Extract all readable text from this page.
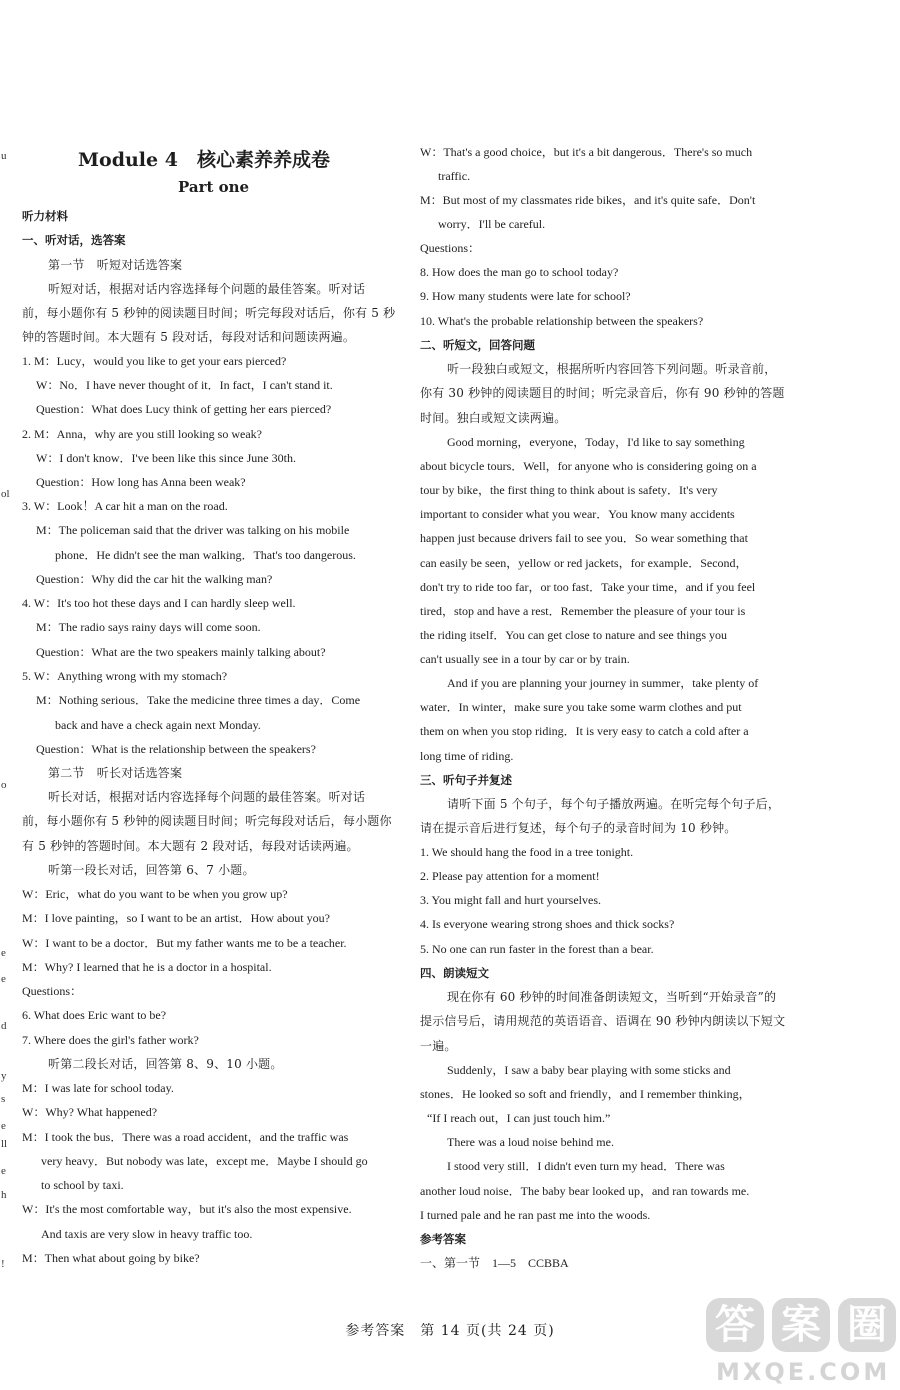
Module 4　核心素养养成卷
Part one
听力材料
一、听对话，选答案
第一节　听短对话选答案
听短对话，根据对话内容选择每个问题的最佳答案。听对话
前，每小题你有 5 秒钟的阅读题目时间；听完每段对话后，你有 5 秒
钟的答题时间。本大题有 5 段对话，每段对话和问题读两遍。
1. M：Lucy，would you like to get your ears pierced?
W：No．I have never thought of it．In fact，I can't stand it.
Question：What does Lucy think of getting her ears pierced?
2. M：Anna，why are you still looking so weak?
W：I don't know．I've been like this since June 30th.
Question：How long has Anna been weak?
3. W：Look！A car hit a man on the road.
M：The policeman said that the driver was talking on his mobile
phone．He didn't see the man walking．That's too dangerous.
Question：Why did the car hit the walking man?
4. W：It's too hot these days and I can hardly sleep well.
M：The radio says rainy days will come soon.
Question：What are the two speakers mainly talking about?
5. W：Anything wrong with my stomach?
M：Nothing serious．Take the medicine three times a day．Come
back and have a check again next Monday.
Question：What is the relationship between the speakers?
第二节　听长对话选答案
听长对话，根据对话内容选择每个问题的最佳答案。听对话
前，每小题你有 5 秒钟的阅读题目时间；听完每段对话后，每小题你
有 5 秒钟的答题时间。本大题有 2 段对话，每段对话读两遍。
听第一段长对话，回答第 6、7 小题。
W：Eric，what do you want to be when you grow up?
M：I love painting，so I want to be an artist．How about you?
W：I want to be a doctor．But my father wants me to be a teacher.
M：Why? I learned that he is a doctor in a hospital.
Questions：
6. What does Eric want to be?
7. Where does the girl's father work?
听第二段长对话，回答第 8、9、10 小题。
M：I was late for school today.
W：Why? What happened?
M：I took the bus．There was a road accident，and the traffic was
very heavy．But nobody was late，except me．Maybe I should go
to school by taxi.
W：It's the most comfortable way，but it's also the most expensive.
And taxis are very slow in heavy traffic too.
M：Then what about going by bike?
W：That's a good choice，but it's a bit dangerous．There's so much
traffic.
M：But most of my classmates ride bikes，and it's quite safe．Don't
worry．I'll be careful.
Questions：
8. How does the man go to school today?
9. How many students were late for school?
10. What's the probable relationship between the speakers?
二、听短文，回答问题
听一段独白或短文，根据所听内容回答下列问题。听录音前，
你有 30 秒钟的阅读题目的时间；听完录音后，你有 90 秒钟的答题
时间。独白或短文读两遍。
Good morning，everyone，Today，I'd like to say something
about bicycle tours．Well，for anyone who is considering going on a
tour by bike，the first thing to think about is safety．It's very
important to consider what you wear．You know many accidents
happen just because drivers fail to see you．So wear something that
can easily be seen，yellow or red jackets，for example．Second，
don't try to ride too far，or too fast．Take your time，and if you feel
tired，stop and have a rest．Remember the pleasure of your tour is
the riding itself．You can get close to nature and see things you
can't usually see in a tour by car or by train.
And if you are planning your journey in summer，take plenty of
water．In winter，make sure you take some warm clothes and put
them on when you stop riding．It is very easy to catch a cold after a
long time of riding.
三、听句子并复述
请听下面 5 个句子，每个句子播放两遍。在听完每个句子后，
请在提示音后进行复述，每个句子的录音时间为 10 秒钟。
1. We should hang the food in a tree tonight.
2. Please pay attention for a moment!
3. You might fall and hurt yourselves.
4. Is everyone wearing strong shoes and thick socks?
5. No one can run faster in the forest than a bear.
四、朗读短文
现在你有 60 秒钟的时间准备朗读短文，当听到“开始录音”的
提示信号后，请用规范的英语语音、语调在 90 秒钟内朗读以下短文
一遍。
Suddenly，I saw a baby bear playing with some sticks and
stones．He looked so soft and friendly，and I remember thinking，
“If I reach out，I can just touch him.”
There was a loud noise behind me.
I stood very still．I didn't even turn my head．There was
another loud noise．The baby bear looked up，and ran towards me.
I turned pale and he ran past me into the woods.
参考答案
一、第一节　1—5　CCBBA
u
ol
o
e
e
d
y
s
e
ll
e
h
!
参考答案　第 14 页(共 24 页)	答 案 圈
MXQE.COM
